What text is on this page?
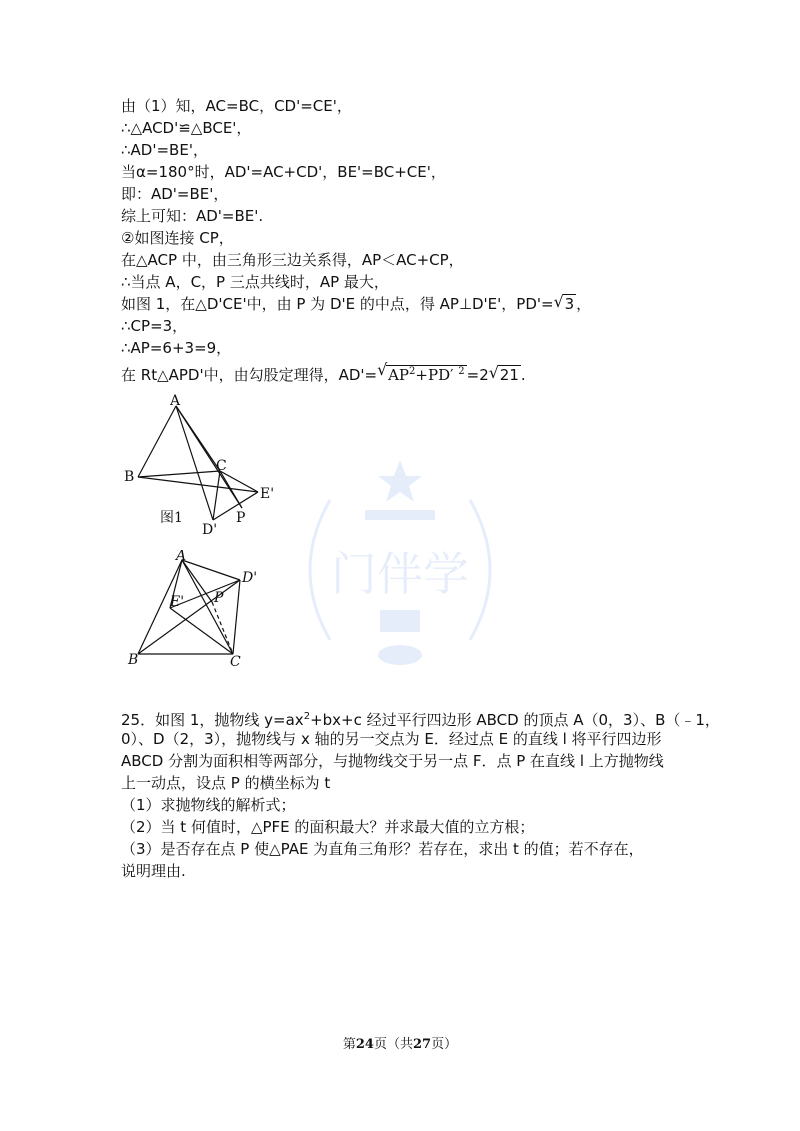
门伴学
由（1）知，AC=BC，CD'=CE'，
∴△ACD'≌△BCE'，
∴AD'=BE'，
当α=180°时，AD'=AC+CD'，BE'=BC+CE'，
即：AD'=BE'，
综上可知：AD'=BE'.
②如图连接 CP，
在△ACP 中，由三角形三边关系得，AP＜AC+CP，
∴当点 A，C，P 三点共线时，AP 最大，
如图 1，在△D'CE'中，由 P 为 D'E 的中点，得 AP⊥D'E'，PD'= √ 3 ，
∴CP=3，
∴AP=6+3=9，
在 Rt△APD'中，由勾股定理得，AD'= √ $AP^2+PD'$ $^2$ =2 √ 21 .
A
B
C
E'
D'
P
图1
A
D'
E' P
B	C
25．如图 1，抛物线 $y=ax^2+bx+c$ 经过平行四边形 ABCD 的顶点 A（0，3）、B（﹣1，
0）、D（2，3），抛物线与 x 轴的另一交点为 E．经过点 E 的直线 l 将平行四边形
ABCD 分割为面积相等两部分，与抛物线交于另一点 F．点 P 在直线 l 上方抛物线
上一动点，设点 P 的横坐标为 t
（1）求抛物线的解析式；
（2）当 t 何值时，△PFE 的面积最大？并求最大值的立方根；
（3）是否存在点 P 使△PAE 为直角三角形？若存在，求出 t 的值；若不存在，
说明理由.
第24页（共27页）
